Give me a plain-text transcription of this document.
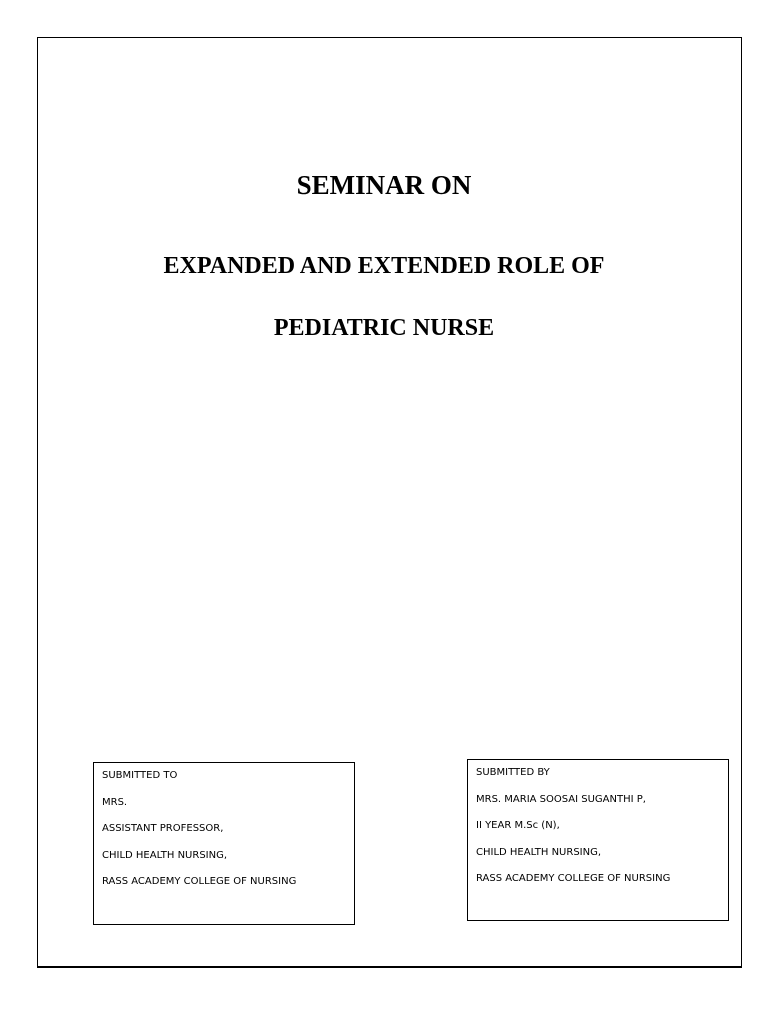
SEMINAR ON
EXPANDED AND EXTENDED ROLE OF
PEDIATRIC NURSE
SUBMITTED TO
MRS.
ASSISTANT PROFESSOR,
CHILD HEALTH NURSING,
RASS ACADEMY COLLEGE OF NURSING
SUBMITTED BY
MRS. MARIA SOOSAI SUGANTHI P,
II YEAR M.Sc (N),
CHILD HEALTH NURSING,
RASS ACADEMY COLLEGE OF NURSING
